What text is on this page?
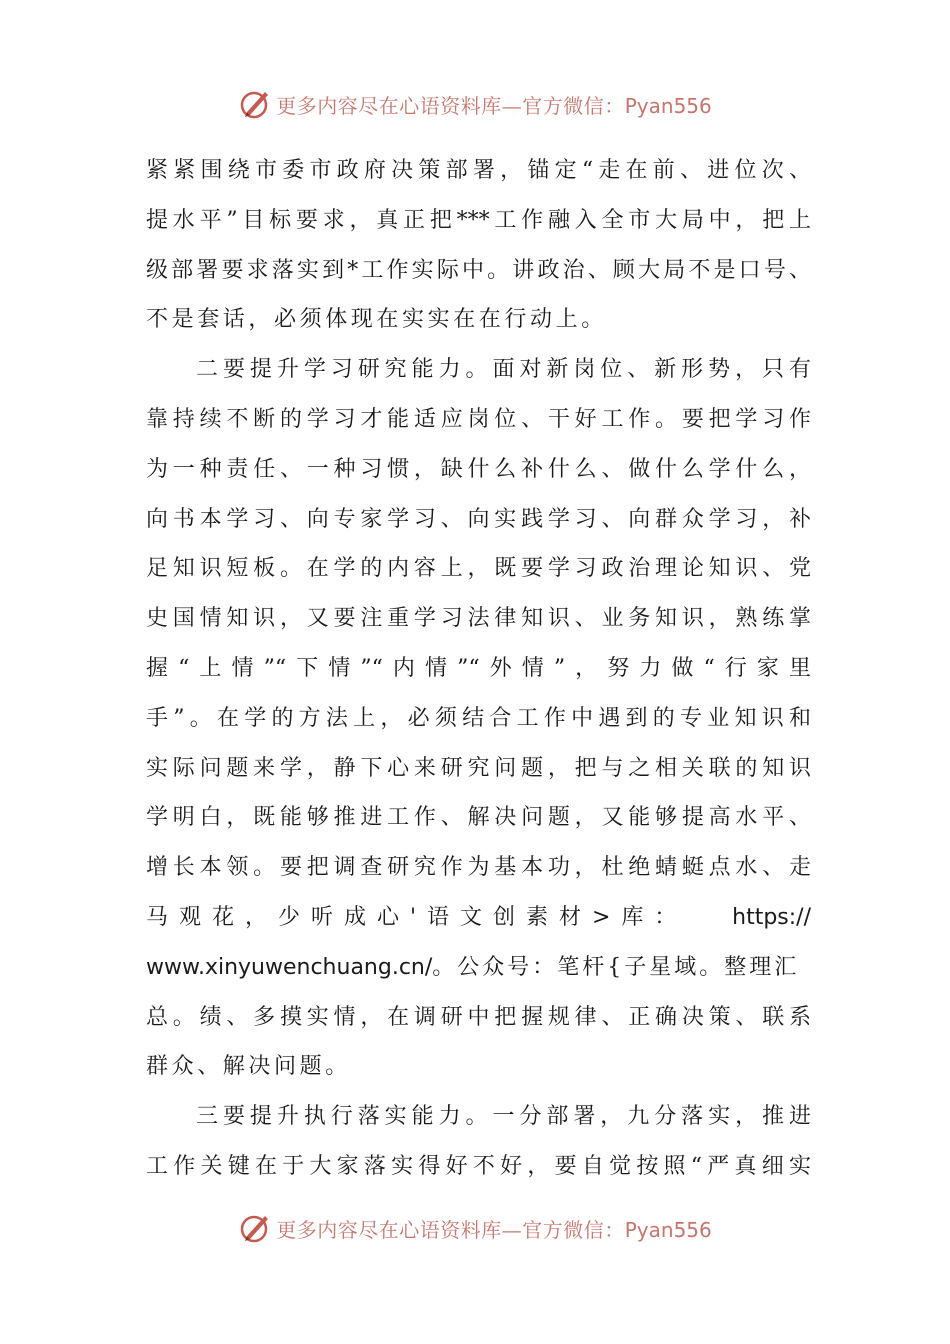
更多内容尽在心语资料库—官方微信：Pyan556
紧紧围绕市委市政府决策部署，锚定“走在前、进位次、
提水平”目标要求，真正把***工作融入全市大局中，把上
级部署要求落实到*工作实际中。讲政治、顾大局不是口号、
不是套话，必须体现在实实在在行动上。
二要提升学习研究能力。面对新岗位、新形势，只有
靠持续不断的学习才能适应岗位、干好工作。要把学习作
为一种责任、一种习惯，缺什么补什么、做什么学什么，
向书本学习、向专家学习、向实践学习、向群众学习，补
足知识短板。在学的内容上，既要学习政治理论知识、党
史国情知识，又要注重学习法律知识、业务知识，熟练掌
握“上情”“下情”“内情”“外情”，努力做“行家里
手”。在学的方法上，必须结合工作中遇到的专业知识和
实际问题来学，静下心来研究问题，把与之相关联的知识
学明白，既能够推进工作、解决问题，又能够提高水平、
增长本领。要把调查研究作为基本功，杜绝蜻蜓点水、走
马 观 花 ， 少 听 成 心 ' 语 文 创 素 材 > 库 ： https://
www.xinyuwenchuang.cn/。公众号：笔杆{子星域。整理汇
总。绩、多摸实情，在调研中把握规律、正确决策、联系
群众、解决问题。
三要提升执行落实能力。一分部署，九分落实，推进
工作关键在于大家落实得好不好，要自觉按照“严真细实
更多内容尽在心语资料库—官方微信：Pyan556
